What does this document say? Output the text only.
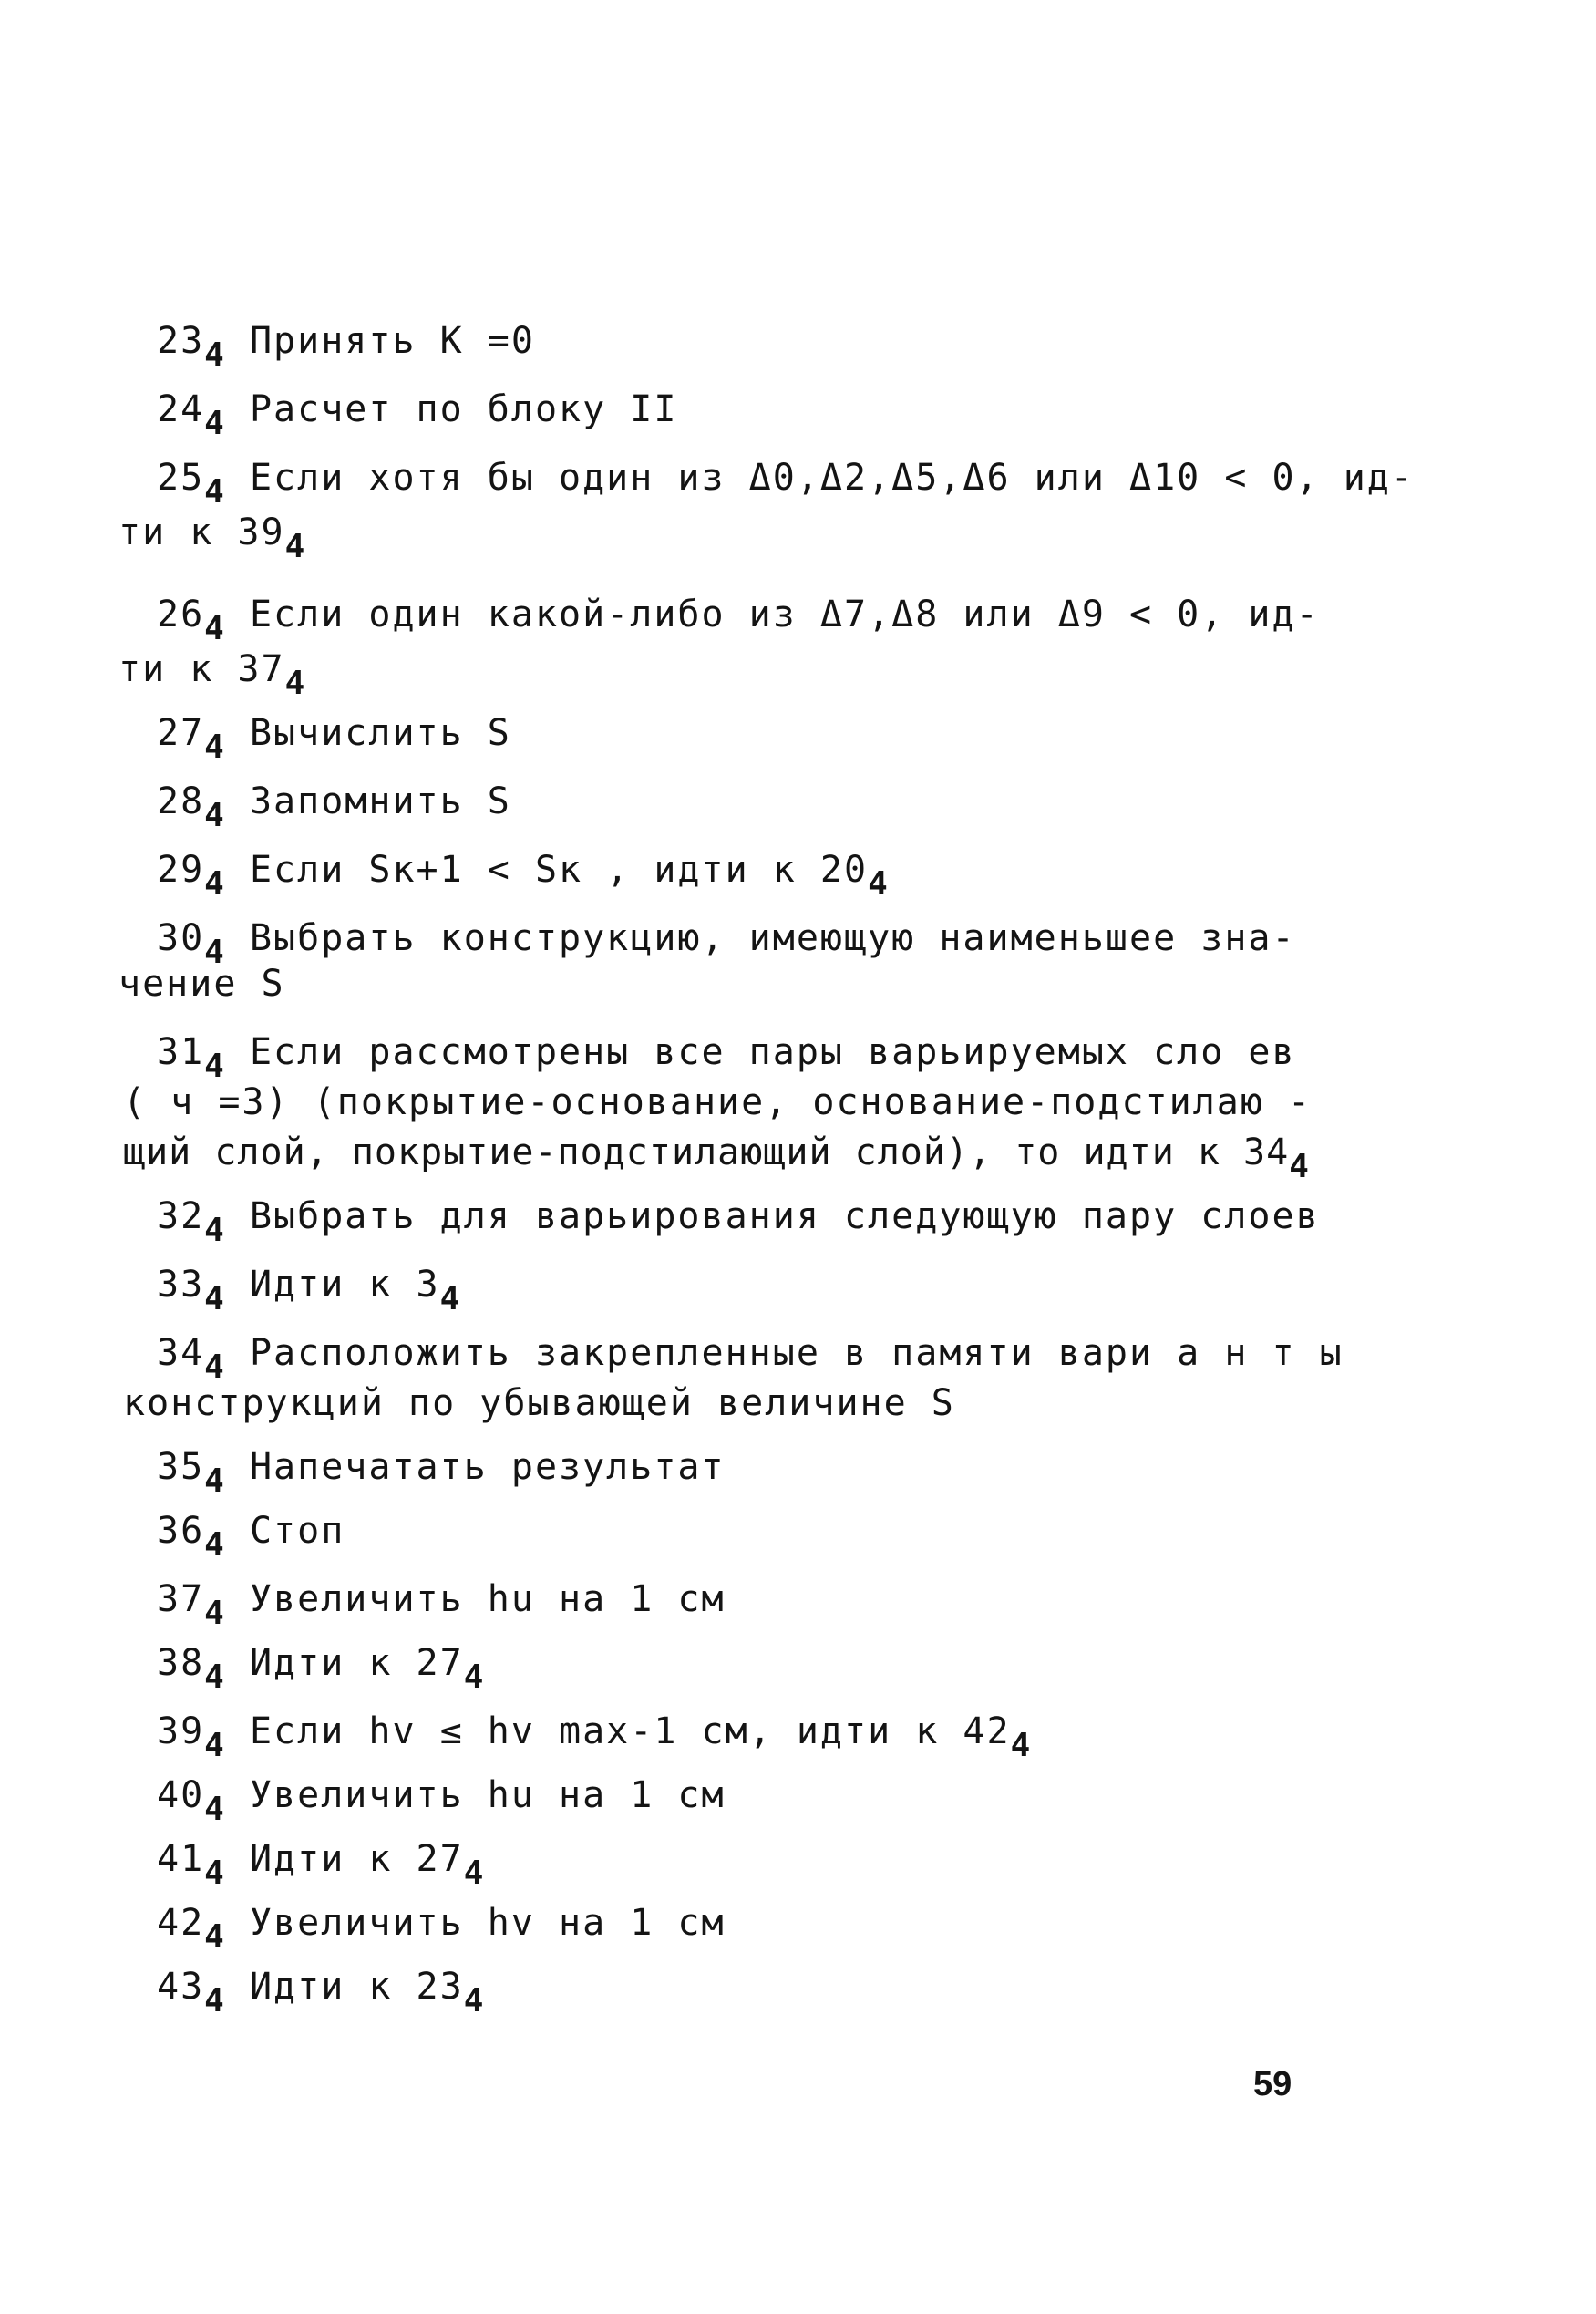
234 Принять K =0
244 Расчет по блоку II
254 Если хотя бы один из Δ0,Δ2,Δ5,Δ6 или Δ10 < 0, ид-
ти к 394
264 Если один какой-либо из Δ7,Δ8 или Δ9 < 0, ид-
ти к 374
274 Вычислить S
284 Запомнить S
294 Если Sк+1 < Sк , идти к 204
304 Выбрать конструкцию, имеющую наименьшее зна-
чение S
314 Если рассмотрены все пары варьируемых сло ев
( ч =3) (покрытие-основание, основание-подстилаю -
щий слой, покрытие-подстилающий слой), то идти к 344
324 Выбрать для варьирования следующую пару слоев
334 Идти к 34
344 Расположить закрепленные в памяти вари а н т ы
конструкций по убывающей величине S
354 Напечатать результат
364 Стоп
374 Увеличить hu на 1 см
384 Идти к 274
394 Если hv ≤ hv max-1 см, идти к 424
404 Увеличить hu на 1 см
414 Идти к 274
424 Увеличить hv на 1 см
434 Идти к 234
59
